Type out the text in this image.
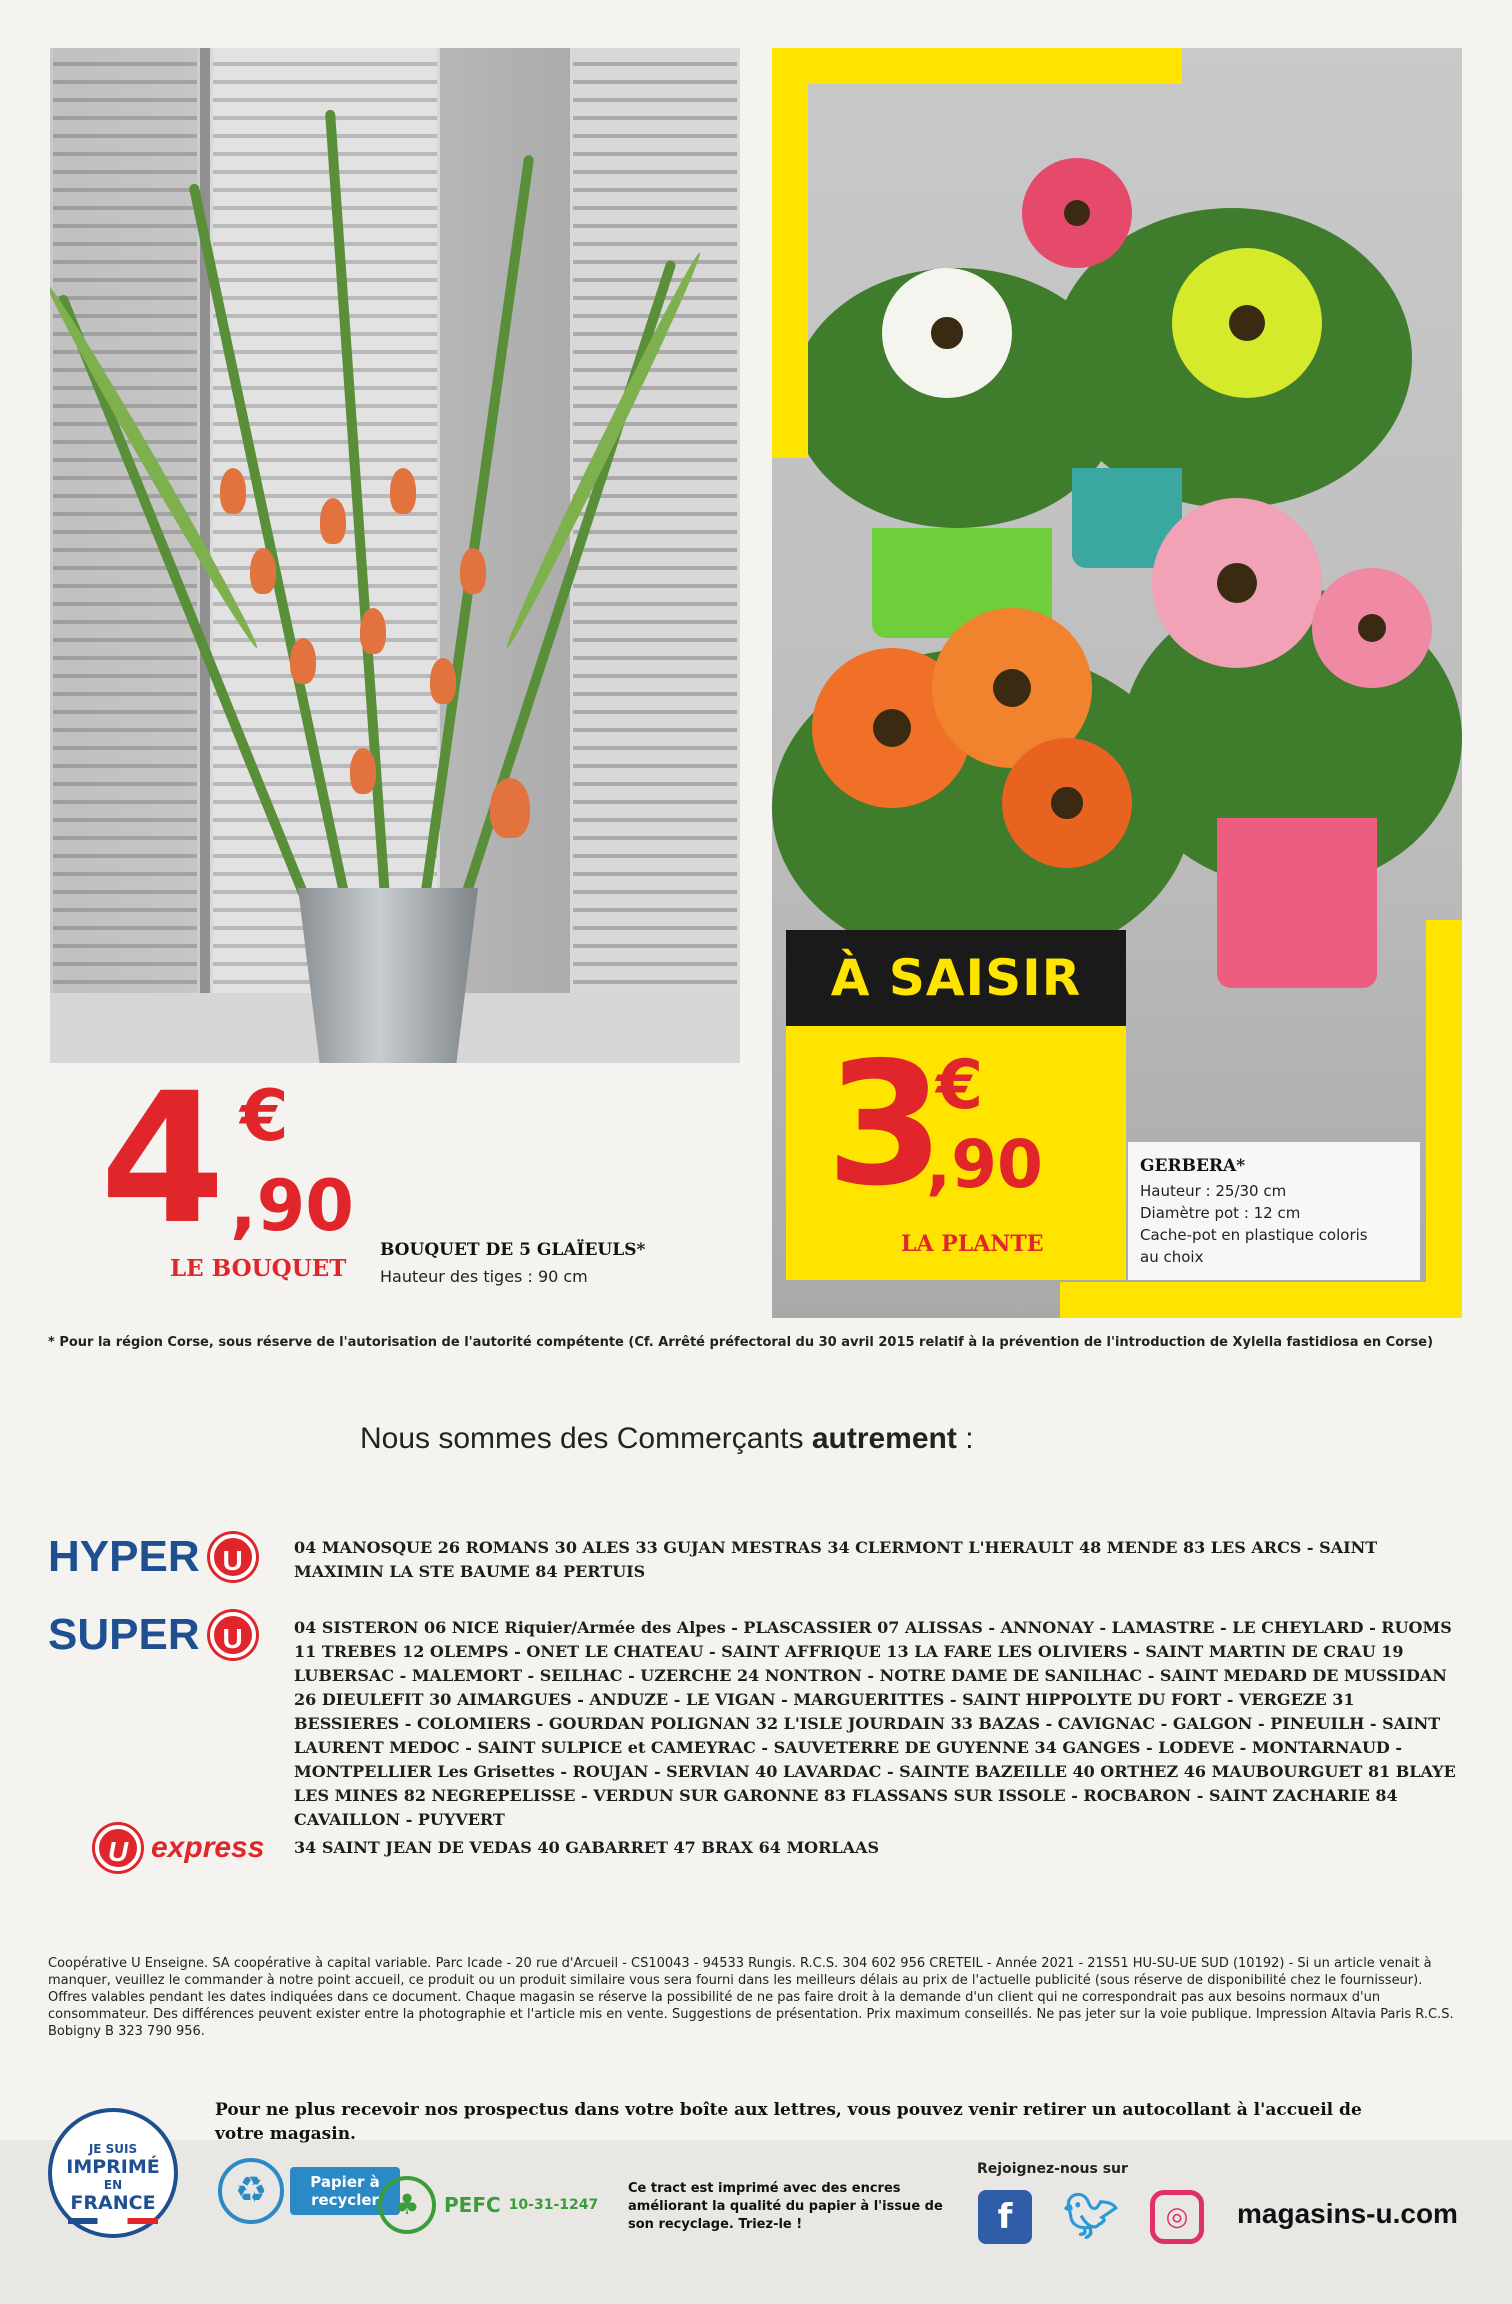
4 €
,90
LE BOUQUET
BOUQUET DE 5 GLAÏEULS*
Hauteur des tiges : 90 cm
À SAISIR
3
€
,90
LA PLANTE
GERBERA*
Hauteur : 25/30 cm
Diamètre pot : 12 cm
Cache-pot en plastique coloris
au choix
* Pour la région Corse, sous réserve de l'autorisation de l'autorité compétente (Cf. Arrêté préfectoral du 30 avril 2015 relatif à la prévention de l'introduction de Xylella fastidiosa en Corse)
Nous sommes des Commerçants autrement :
HYPER U	04 MANOSQUE 26 ROMANS 30 ALES 33 GUJAN MESTRAS 34 CLERMONT L'HERAULT 48 MENDE 83 LES ARCS - SAINT MAXIMIN LA STE BAUME 84 PERTUIS
SUPER U	04 SISTERON 06 NICE Riquier/Armée des Alpes - PLASCASSIER 07 ALISSAS - ANNONAY - LAMASTRE - LE CHEYLARD - RUOMS 11 TREBES 12 OLEMPS - ONET LE CHATEAU - SAINT AFFRIQUE 13 LA FARE LES OLIVIERS - SAINT MARTIN DE CRAU 19 LUBERSAC - MALEMORT - SEILHAC - UZERCHE 24 NONTRON - NOTRE DAME DE SANILHAC - SAINT MEDARD DE MUSSIDAN 26 DIEULEFIT 30 AIMARGUES - ANDUZE - LE VIGAN - MARGUERITTES - SAINT HIPPOLYTE DU FORT - VERGEZE 31 BESSIERES - COLOMIERS - GOURDAN POLIGNAN 32 L'ISLE JOURDAIN 33 BAZAS - CAVIGNAC - GALGON - PINEUILH - SAINT LAURENT MEDOC - SAINT SULPICE et CAMEYRAC - SAUVETERRE DE GUYENNE 34 GANGES - LODEVE - MONTARNAUD - MONTPELLIER Les Grisettes - ROUJAN - SERVIAN 40 LAVARDAC - SAINTE BAZEILLE 40 ORTHEZ 46 MAUBOURGUET 81 BLAYE LES MINES 82 NEGREPELISSE - VERDUN SUR GARONNE 83 FLASSANS SUR ISSOLE - ROCBARON - SAINT ZACHARIE 84 CAVAILLON - PUYVERT
U express 34 SAINT JEAN DE VEDAS 40 GABARRET 47 BRAX 64 MORLAAS
Coopérative U Enseigne. SA coopérative à capital variable. Parc Icade - 20 rue d'Arcueil - CS10043 - 94533 Rungis. R.C.S. 304 602 956 CRETEIL - Année 2021 - 21S51 HU-SU-UE SUD (10192) - Si un article venait à manquer, veuillez le commander à notre point accueil, ce produit ou un produit similaire vous sera fourni dans les meilleurs délais au prix de l'actuelle publicité (sous réserve de disponibilité chez le fournisseur). Offres valables pendant les dates indiquées dans ce document. Chaque magasin se réserve la possibilité de ne pas faire droit à la demande d'un client qui ne correspondrait pas aux besoins normaux d'un consommateur. Des différences peuvent exister entre la photographie et l'article mis en vente. Suggestions de présentation. Prix maximum conseillés. Ne pas jeter sur la voie publique. Impression Altavia Paris R.C.S. Bobigny B 323 790 956.
JE SUIS
IMPRIMÉ
EN
FRANCE
Pour ne plus recevoir nos prospectus dans votre boîte aux lettres, vous pouvez venir retirer un autocollant à l'accueil de votre magasin.
♻	Papier à recycler ♣	PEFC 10-31-1247
Ce tract est imprimé avec des encres améliorant la qualité du papier à l'issue de son recyclage. Triez-le !
Rejoignez-nous sur
f	🐦︎	◎	magasins-u.com
